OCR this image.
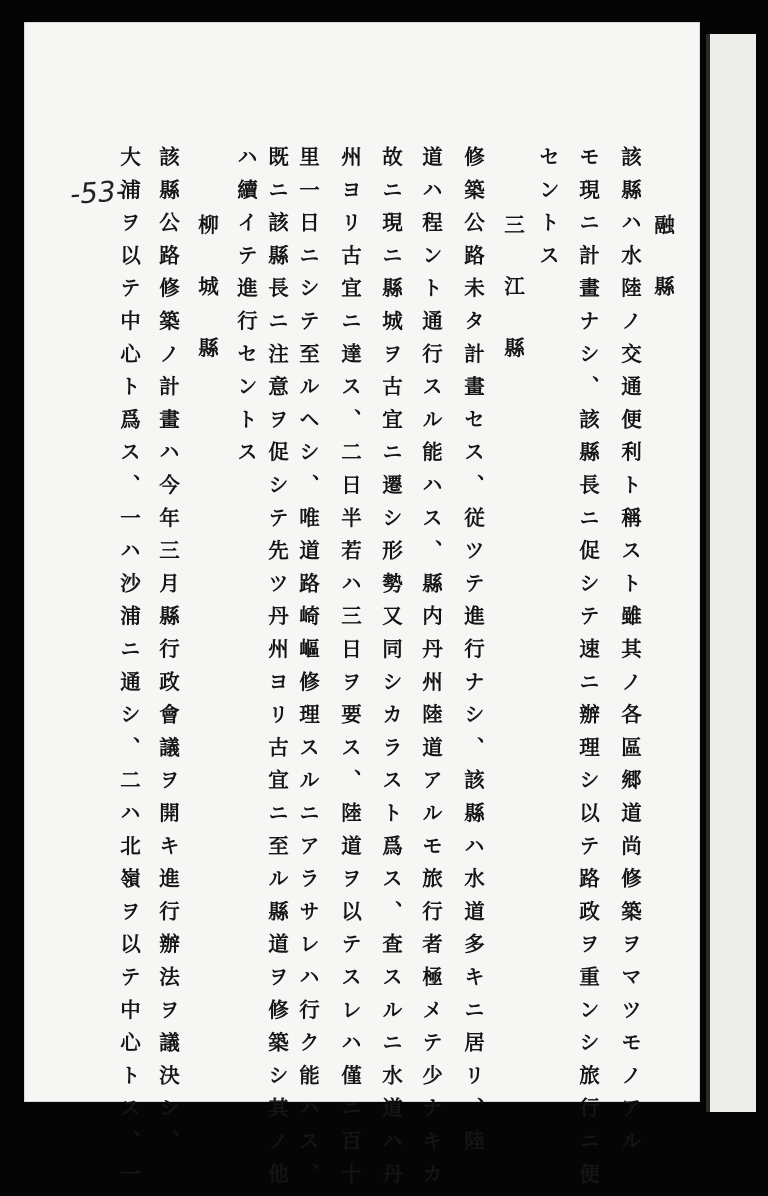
-53-
融　　縣
該縣ハ水陸ノ交通便利ト稱スト雖其ノ各區郷道尚修築ヲマツモノアル
モ現ニ計畫ナシ、該縣長ニ促シテ速ニ辦理シ以テ路政ヲ重ンシ旅行ニ便
セントス
三　　江　　縣
修築公路未タ計畫セス、従ツテ進行ナシ、該縣ハ水道多キニ居リ、陸
道ハ程ント通行スル能ハス、縣内丹州陸道アルモ旅行者極メテ少ナキカ
故ニ現ニ縣城ヲ古宜ニ遷シ形勢又同シカラスト爲ス、査スルニ水道ハ丹
州ヨリ古宜ニ達ス、二日半若ハ三日ヲ要ス、陸道ヲ以テスレハ僅ニ百十
里一日ニシテ至ルヘシ、唯道路崎嶇修理スルニアラサレハ行ク能ハス、
既ニ該縣長ニ注意ヲ促シテ先ツ丹州ヨリ古宜ニ至ル縣道ヲ修築シ其ノ他
ハ續イテ進行セントス
柳　　城　　縣
該縣公路修築ノ計畫ハ今年三月縣行政會議ヲ開キ進行辦法ヲ議決シ、
大浦ヲ以テ中心ト爲ス、一ハ沙浦ニ通シ、二ハ北嶺ヲ以テ中心トス、一
